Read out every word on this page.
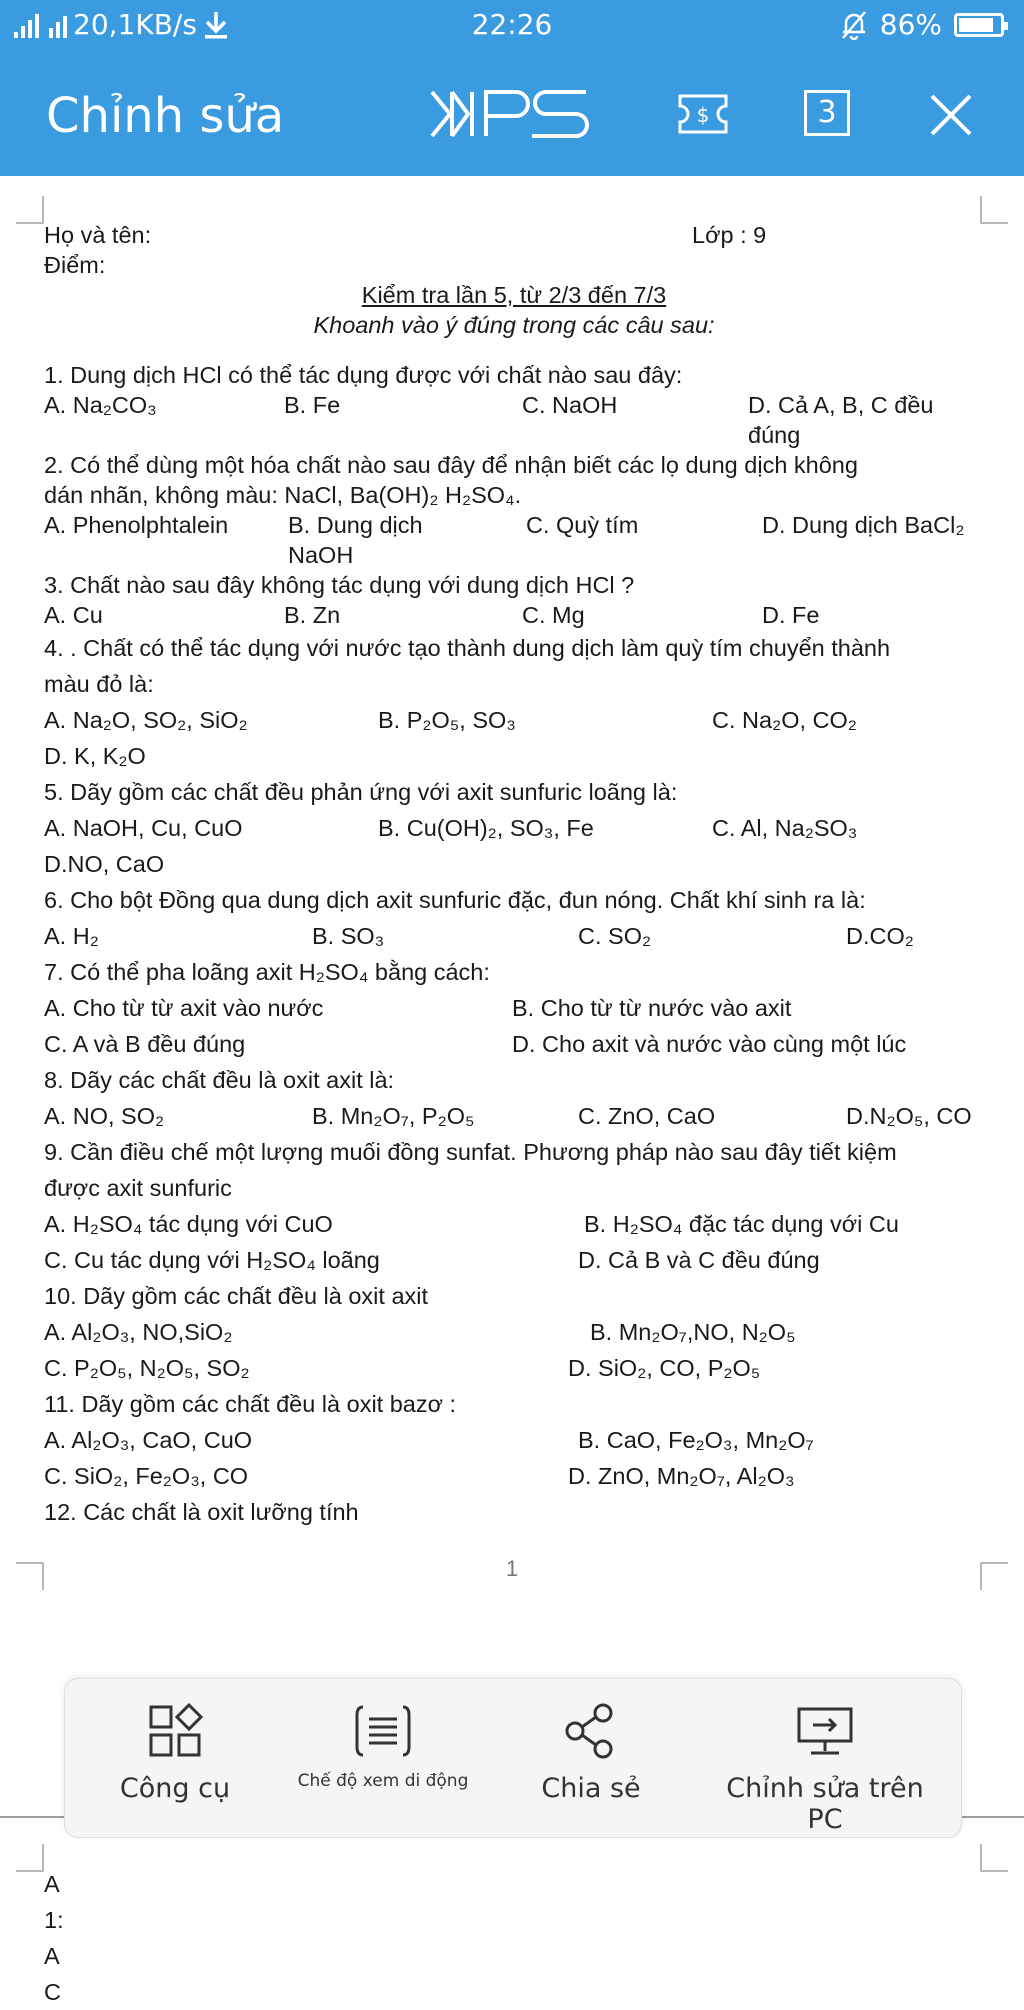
20,1KB/s	22:26	86%
Chỉnh sửa	$	3
Họ và tên:	Lớp : 9
Điểm:
Kiểm tra lần 5, từ 2/3 đến 7/3
Khoanh vào ý đúng trong các câu sau:
1. Dung dịch HCl có thể tác dụng được với chất nào sau đây:
A. Na₂CO₃	B. Fe	C. NaOH	D. Cả A, B, C đều
đúng
2. Có thể dùng một hóa chất nào sau đây để nhận biết các lọ dung dịch không
dán nhãn, không màu: NaCl, Ba(OH)₂ H₂SO₄.
A. Phenolphtalein	B. Dung dịch	C. Quỳ tím	D. Dung dịch BaCl₂
NaOH
3. Chất nào sau đây không tác dụng với dung dịch HCl ?
A. Cu	B. Zn	C. Mg	D. Fe
4. . Chất có thể tác dụng với nước tạo thành dung dịch làm quỳ tím chuyển thành
màu đỏ là:
A. Na₂O, SO₂, SiO₂	B. P₂O₅, SO₃	C. Na₂O, CO₂
D. K, K₂O
5. Dãy gồm các chất đều phản ứng với axit sunfuric loãng là:
A. NaOH, Cu, CuO	B. Cu(OH)₂, SO₃, Fe	C. Al, Na₂SO₃
D.NO, CaO
6. Cho bột Đồng qua dung dịch axit sunfuric đặc, đun nóng. Chất khí sinh ra là:
A. H₂	B. SO₃	C. SO₂	D.CO₂
7. Có thể pha loãng axit H₂SO₄ bằng cách:
A. Cho từ từ axit vào nước	B. Cho từ từ nước vào axit
C. A và B đều đúng	D. Cho axit và nước vào cùng một lúc
8. Dãy các chất đều là oxit axit là:
A. NO, SO₂	B. Mn₂O₇, P₂O₅	C. ZnO, CaO	D.N₂O₅, CO
9. Cần điều chế một lượng muối đồng sunfat. Phương pháp nào sau đây tiết kiệm
được axit sunfuric
A. H₂SO₄ tác dụng với CuO	B. H₂SO₄ đặc tác dụng với Cu
C. Cu tác dụng với H₂SO₄ loãng	D. Cả B và C đều đúng
10. Dãy gồm các chất đều là oxit axit
A. Al₂O₃, NO,SiO₂	B. Mn₂O₇,NO, N₂O₅
C. P₂O₅, N₂O₅, SO₂	D. SiO₂, CO, P₂O₅
11. Dãy gồm các chất đều là oxit bazơ :
A. Al₂O₃, CaO, CuO	B. CaO, Fe₂O₃, Mn₂O₇
C. SiO₂, Fe₂O₃, CO	D. ZnO, Mn₂O₇, Al₂O₃
12. Các chất là oxit lưỡng tính
1
A
1:
A
C
Công cụ	Chế độ xem di động	Chia sẻ	Chỉnh sửa trên PC
